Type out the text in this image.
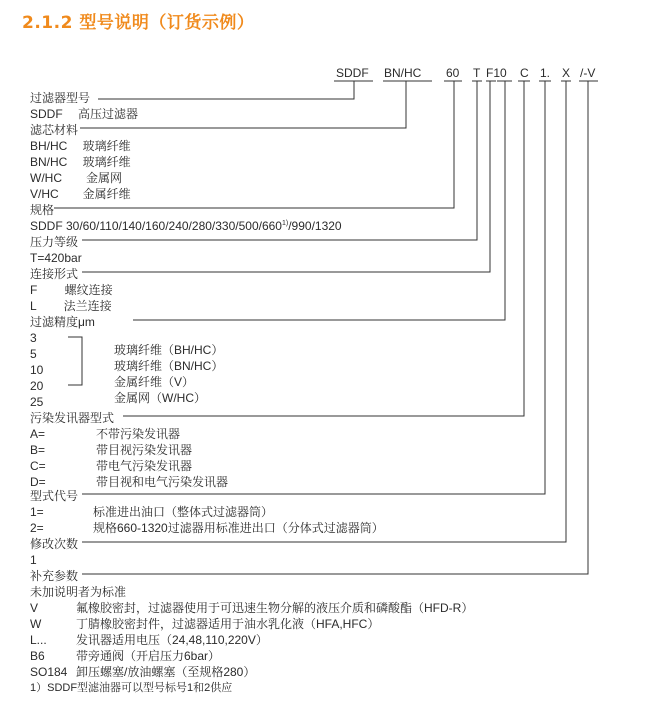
2.1.2 型号说明（订货示例）
SDDF BN/HC 60 T F10 C 1. X /-V
过滤器型号
SDDF　 高压过滤器
滤芯材料
BH/HC　 玻璃纤维
BN/HC　 玻璃纤维
W/HC　　金属网
V/HC　　金属纤维
规格
SDDF 30/60/110/140/160/240/280/330/500/660$^{1)}$/990/1320
压力等级
T=420bar
连接形式
F　　 螺纹连接
L　　 法兰连接
过滤精度μm
3
5
10
20
25
玻璃纤维（BH/HC）
玻璃纤维（BN/HC）
金属纤维（V）
金属网（W/HC）
污染发讯器型式
A=
B=
C=
D=
不带污染发讯器
带目视污染发讯器
带电气污染发讯器
带目视和电气污染发讯器
型式代号
1=
2=
标准进出油口（整体式过滤器筒）
规格660-1320过滤器用标准进出口（分体式过滤器筒）
修改次数
1
补充参数
未加说明者为标准
V
W
L...
B6
SO184
氟橡胶密封，过滤器使用于可迅速生物分解的液压介质和磷酸酯（HFD-R）
丁腈橡胶密封件，过滤器适用于油水乳化液（HFA,HFC）
发讯器适用电压（24,48,110,220V）
带旁通阀（开启压力6bar）
卸压螺塞/放油螺塞（至规格280）
1）SDDF型滤油器可以型号标号1和2供应
